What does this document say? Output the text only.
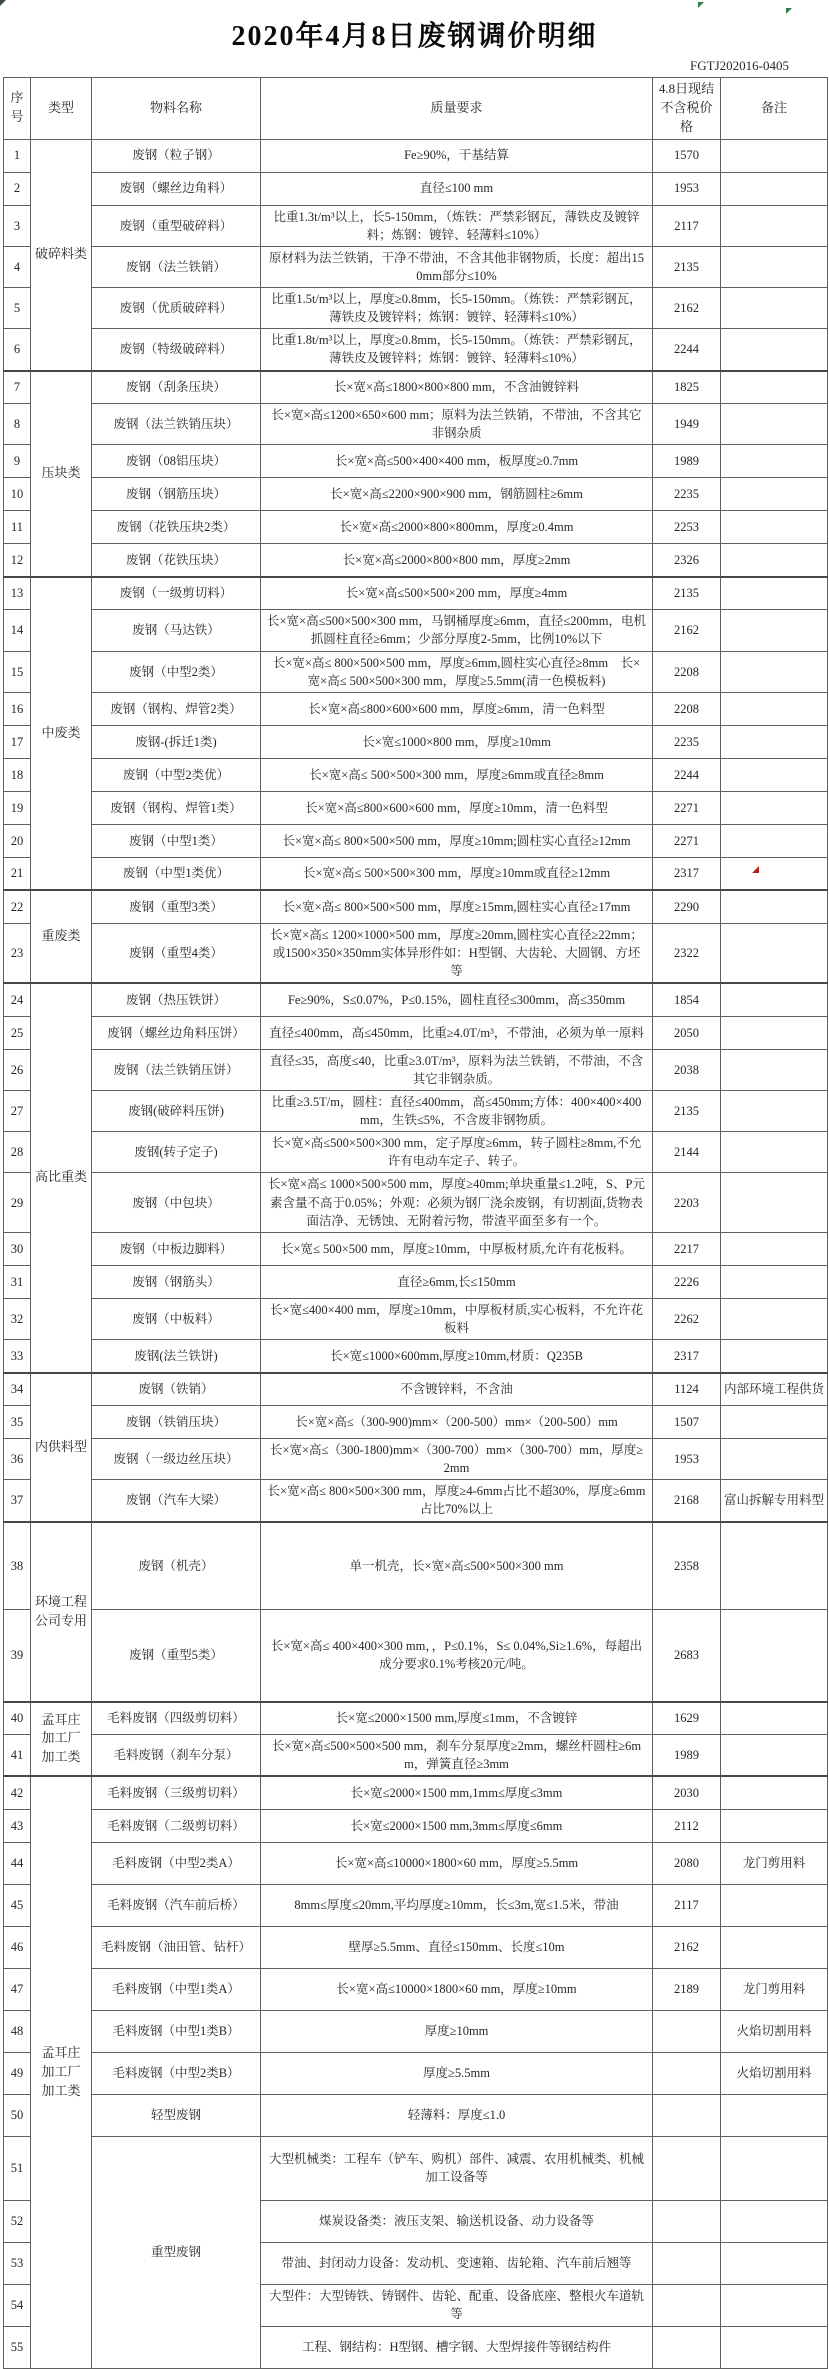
2020年4月8日废钢调价明细
FGTJ202016-0405
序号	类型	物料名称	质量要求	4.8日现结不含税价格	备注
1	破碎料类	废钢（粒子钢）	Fe≥90%，干基结算	1570	
2		废钢（螺丝边角料）	直径≤100 mm	1953	
3		废钢（重型破碎料）	比重1.3t/m³以上，长5-150mm，（炼铁：严禁彩钢瓦，薄铁皮及镀锌料；炼钢：镀锌、轻薄料≤10%）	2117	
4		废钢（法兰铁销）	原材料为法兰铁销，干净不带油，不含其他非钢物质，长度：超出150mm部分≤10%	2135	
5		废钢（优质破碎料）	比重1.5t/m³以上，厚度≥0.8mm，长5-150mm。（炼铁：严禁彩钢瓦，薄铁皮及镀锌料；炼钢：镀锌、轻薄料≤10%）	2162	
6		废钢（特级破碎料）	比重1.8t/m³以上，厚度≥0.8mm，长5-150mm。（炼铁：严禁彩钢瓦，薄铁皮及镀锌料；炼钢：镀锌、轻薄料≤10%）	2244	
7	压块类	废钢（刮条压块）	长×宽×高≤1800×800×800 mm，不含油镀锌料	1825	
8		废钢（法兰铁销压块）	长×宽×高≤1200×650×600 mm；原料为法兰铁销，不带油，不含其它非钢杂质	1949	
9		废钢（08铝压块）	长×宽×高≤500×400×400 mm，板厚度≥0.7mm	1989	
10		废钢（钢筋压块）	长×宽×高≤2200×900×900 mm，钢筋圆柱≥6mm	2235	
11		废钢（花铁压块2类）	长×宽×高≤2000×800×800mm，厚度≥0.4mm	2253	
12		废钢（花铁压块）	长×宽×高≤2000×800×800 mm，厚度≥2mm	2326	
13	中废类	废钢（一级剪切料）	长×宽×高≤500×500×200 mm，厚度≥4mm	2135	
14		废钢（马达铁）	长×宽×高≤500×500×300 mm，马钢桶厚度≥6mm，直径≤200mm，电机抓圆柱直径≥6mm；少部分厚度2-5mm，比例10%以下	2162	
15		废钢（中型2类）	长×宽×高≤ 800×500×500 mm，厚度≥6mm,圆柱实心直径≥8mm　长×宽×高≤ 500×500×300 mm，厚度≥5.5mm(清一色模板料)	2208	
16		废钢（钢构、焊管2类）	长×宽×高≤800×600×600 mm，厚度≥6mm，清一色料型	2208	
17		废钢-(拆迁1类)	长×宽≤1000×800 mm，厚度≥10mm	2235	
18		废钢（中型2类优）	长×宽×高≤ 500×500×300 mm，厚度≥6mm或直径≥8mm	2244	
19		废钢（钢构、焊管1类）	长×宽×高≤800×600×600 mm，厚度≥10mm，清一色料型	2271	
20		废钢（中型1类）	长×宽×高≤ 800×500×500 mm，厚度≥10mm;圆柱实心直径≥12mm	2271	
21		废钢（中型1类优）	长×宽×高≤ 500×500×300 mm，厚度≥10mm或直径≥12mm	2317	
22	重废类	废钢（重型3类）	长×宽×高≤ 800×500×500 mm，厚度≥15mm,圆柱实心直径≥17mm	2290	
23		废钢（重型4类）	长×宽×高≤ 1200×1000×500 mm，厚度≥20mm,圆柱实心直径≥22mm；或1500×350×350mm实体异形件如：H型钢、大齿轮、大圆钢、方坯等	2322	
24	高比重类	废钢（热压铁饼）	Fe≥90%，S≤0.07%，P≤0.15%，圆柱直径≤300mm，高≤350mm	1854	
25		废钢（螺丝边角料压饼）	直径≤400mm，高≤450mm，比重≥4.0T/m³，不带油，必须为单一原料	2050	
26		废钢（法兰铁销压饼）	直径≤35，高度≤40，比重≥3.0T/m³，原料为法兰铁销，不带油，不含其它非钢杂质。	2038	
27		废钢(破碎料压饼)	比重≥3.5T/m，圆柱：直径≤400mm，高≤450mm;方体：400×400×400mm，生铁≤5%，不含废非钢物质。	2135	
28		废钢(转子定子)	长×宽×高≤500×500×300 mm，定子厚度≥6mm，转子圆柱≥8mm,不允许有电动车定子、转子。	2144	
29		废钢（中包块）	长×宽×高≤ 1000×500×500 mm，厚度≥40mm;单块重量≤1.2吨，S、P元素含量不高于0.05%；外观：必须为钢厂浇余废钢，有切割面,货物表面洁净、无锈蚀、无附着污物，带渣平面至多有一个。	2203	
30		废钢（中板边脚料）	长×宽≤ 500×500 mm，厚度≥10mm，中厚板材质,允许有花板料。	2217	
31		废钢（钢筋头）	直径≥6mm,长≤150mm	2226	
32		废钢（中板料）	长×宽≤400×400 mm，厚度≥10mm，中厚板材质,实心板料，不允许花板料	2262	
33		废钢(法兰铁饼)	长×宽≤1000×600mm,厚度≥10mm,材质：Q235B	2317	
34	内供料型	废钢（铁销）	不含镀锌料，不含油	1124	内部环境工程供货
35		废钢（铁销压块）	长×宽×高≤（300-900)mm×（200-500）mm×（200-500）mm	1507	
36		废钢（一级边丝压块）	长×宽×高≤（300-1800)mm×（300-700）mm×（300-700）mm，厚度≥2mm	1953	
37		废钢（汽车大梁）	长×宽×高≤ 800×500×300 mm，厚度≥4-6mm占比不超30%，厚度≥6mm占比70%以上	2168	富山拆解专用料型
38	环境工程公司专用	废钢（机壳）	单一机壳，长×宽×高≤500×500×300 mm	2358	
39		废钢（重型5类）	长×宽×高≤ 400×400×300 mm，，P≤0.1%，S≤ 0.04%,Si≥1.6%，每超出成分要求0.1%考核20元/吨。	2683	
40	孟耳庄 加工厂 加工类	毛料废钢（四级剪切料）	长×宽≤2000×1500 mm,厚度≤1mm，不含镀锌	1629	
41		毛料废钢（刹车分泵）	长×宽×高≤500×500×500 mm，刹车分泵厚度≥2mm，螺丝杆圆柱≥6mm，弹簧直径≥3mm	1989	
42	孟耳庄 加工厂 加工类	毛料废钢（三级剪切料）	长×宽≤2000×1500 mm,1mm≤厚度≤3mm	2030	
43		毛料废钢（二级剪切料）	长×宽≤2000×1500 mm,3mm≤厚度≤6mm	2112	
44		毛料废钢（中型2类A）	长×宽×高≤10000×1800×60 mm，厚度≥5.5mm	2080	龙门剪用料
45		毛料废钢（汽车前后桥）	8mm≤厚度≤20mm,平均厚度≥10mm，长≤3m,宽≤1.5米，带油	2117	
46		毛料废钢（油田管、钻杆）	壁厚≥5.5mm、直径≤150mm、长度≤10m	2162	
47		毛料废钢（中型1类A）	长×宽×高≤10000×1800×60 mm，厚度≥10mm	2189	龙门剪用料
48		毛料废钢（中型1类B）	厚度≥10mm		火焰切割用料
49		毛料废钢（中型2类B）	厚度≥5.5mm		火焰切割用料
50		轻型废钢	轻薄料：厚度≤1.0		
51		重型废钢	大型机械类：工程车（铲车、购机）部件、减震、农用机械类、机械加工设备等		
52			煤炭设备类：液压支架、输送机设备、动力设备等		
53			带油、封闭动力设备：发动机、变速箱、齿轮箱、汽车前后翘等		
54			大型件：大型铸铁、铸钢件、齿轮、配重、设备底座、整根火车道轨等		
55			工程、钢结构：H型钢、槽字钢、大型焊接件等钢结构件		
